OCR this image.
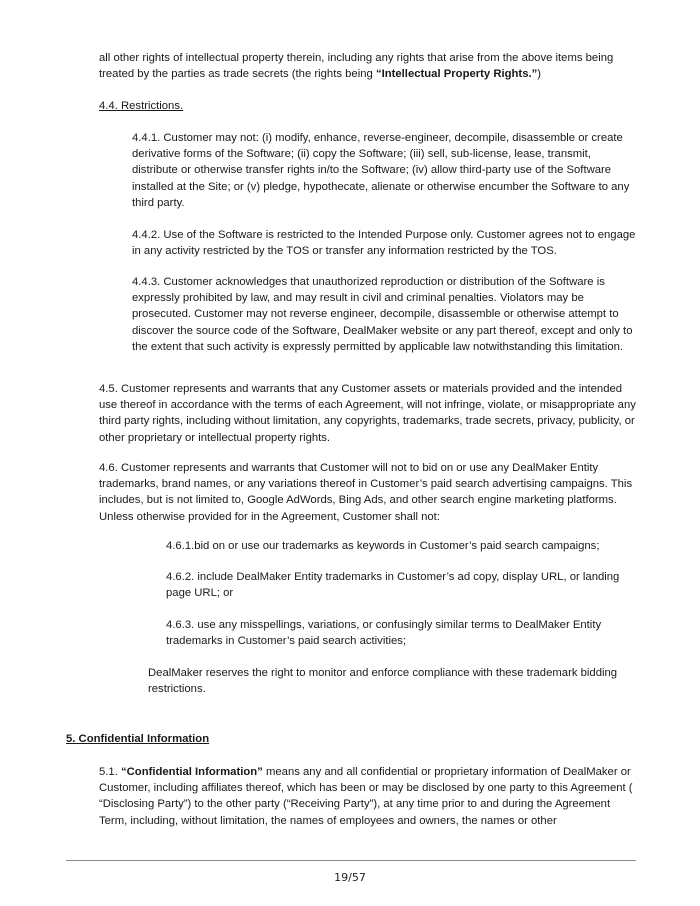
all other rights of intellectual property therein, including any rights that arise from the above items being treated by the parties as trade secrets (the rights being “Intellectual Property Rights.”)

4.4. Restrictions.

4.4.1. Customer may not: (i) modify, enhance, reverse-engineer, decompile, disassemble or create derivative forms of the Software; (ii) copy the Software; (iii) sell, sub-license, lease, transmit, distribute or otherwise transfer rights in/to the Software; (iv) allow third-party use of the Software installed at the Site; or (v) pledge, hypothecate, alienate or otherwise encumber the Software to any third party.

4.4.2. Use of the Software is restricted to the Intended Purpose only. Customer agrees not to engage in any activity restricted by the TOS or transfer any information restricted by the TOS.

4.4.3. Customer acknowledges that unauthorized reproduction or distribution of the Software is expressly prohibited by law, and may result in civil and criminal penalties. Violators may be prosecuted. Customer may not reverse engineer, decompile, disassemble or otherwise attempt to discover the source code of the Software, DealMaker website or any part thereof, except and only to the extent that such activity is expressly permitted by applicable law notwithstanding this limitation.

4.5. Customer represents and warrants that any Customer assets or materials provided and the intended use thereof in accordance with the terms of each Agreement, will not infringe, violate, or misappropriate any third party rights, including without limitation, any copyrights, trademarks, trade secrets, privacy, publicity, or other proprietary or intellectual property rights.

4.6. Customer represents and warrants that Customer will not to bid on or use any DealMaker Entity trademarks, brand names, or any variations thereof in Customer’s paid search advertising campaigns. This includes, but is not limited to, Google AdWords, Bing Ads, and other search engine marketing platforms. Unless otherwise provided for in the Agreement, Customer shall not:

4.6.1.bid on or use our trademarks as keywords in Customer’s paid search campaigns;

4.6.2. include DealMaker Entity trademarks in Customer’s ad copy, display URL, or landing page URL; or

4.6.3. use any misspellings, variations, or confusingly similar terms to DealMaker Entity trademarks in Customer’s paid search activities;

DealMaker reserves the right to monitor and enforce compliance with these trademark bidding restrictions.

5. Confidential Information

5.1. “Confidential Information” means any and all confidential or proprietary information of DealMaker or Customer, including affiliates thereof, which has been or may be disclosed by one party to this Agreement ( “Disclosing Party”) to the other party (“Receiving Party”), at any time prior to and during the Agreement Term, including, without limitation, the names of employees and owners, the names or other

19/57
